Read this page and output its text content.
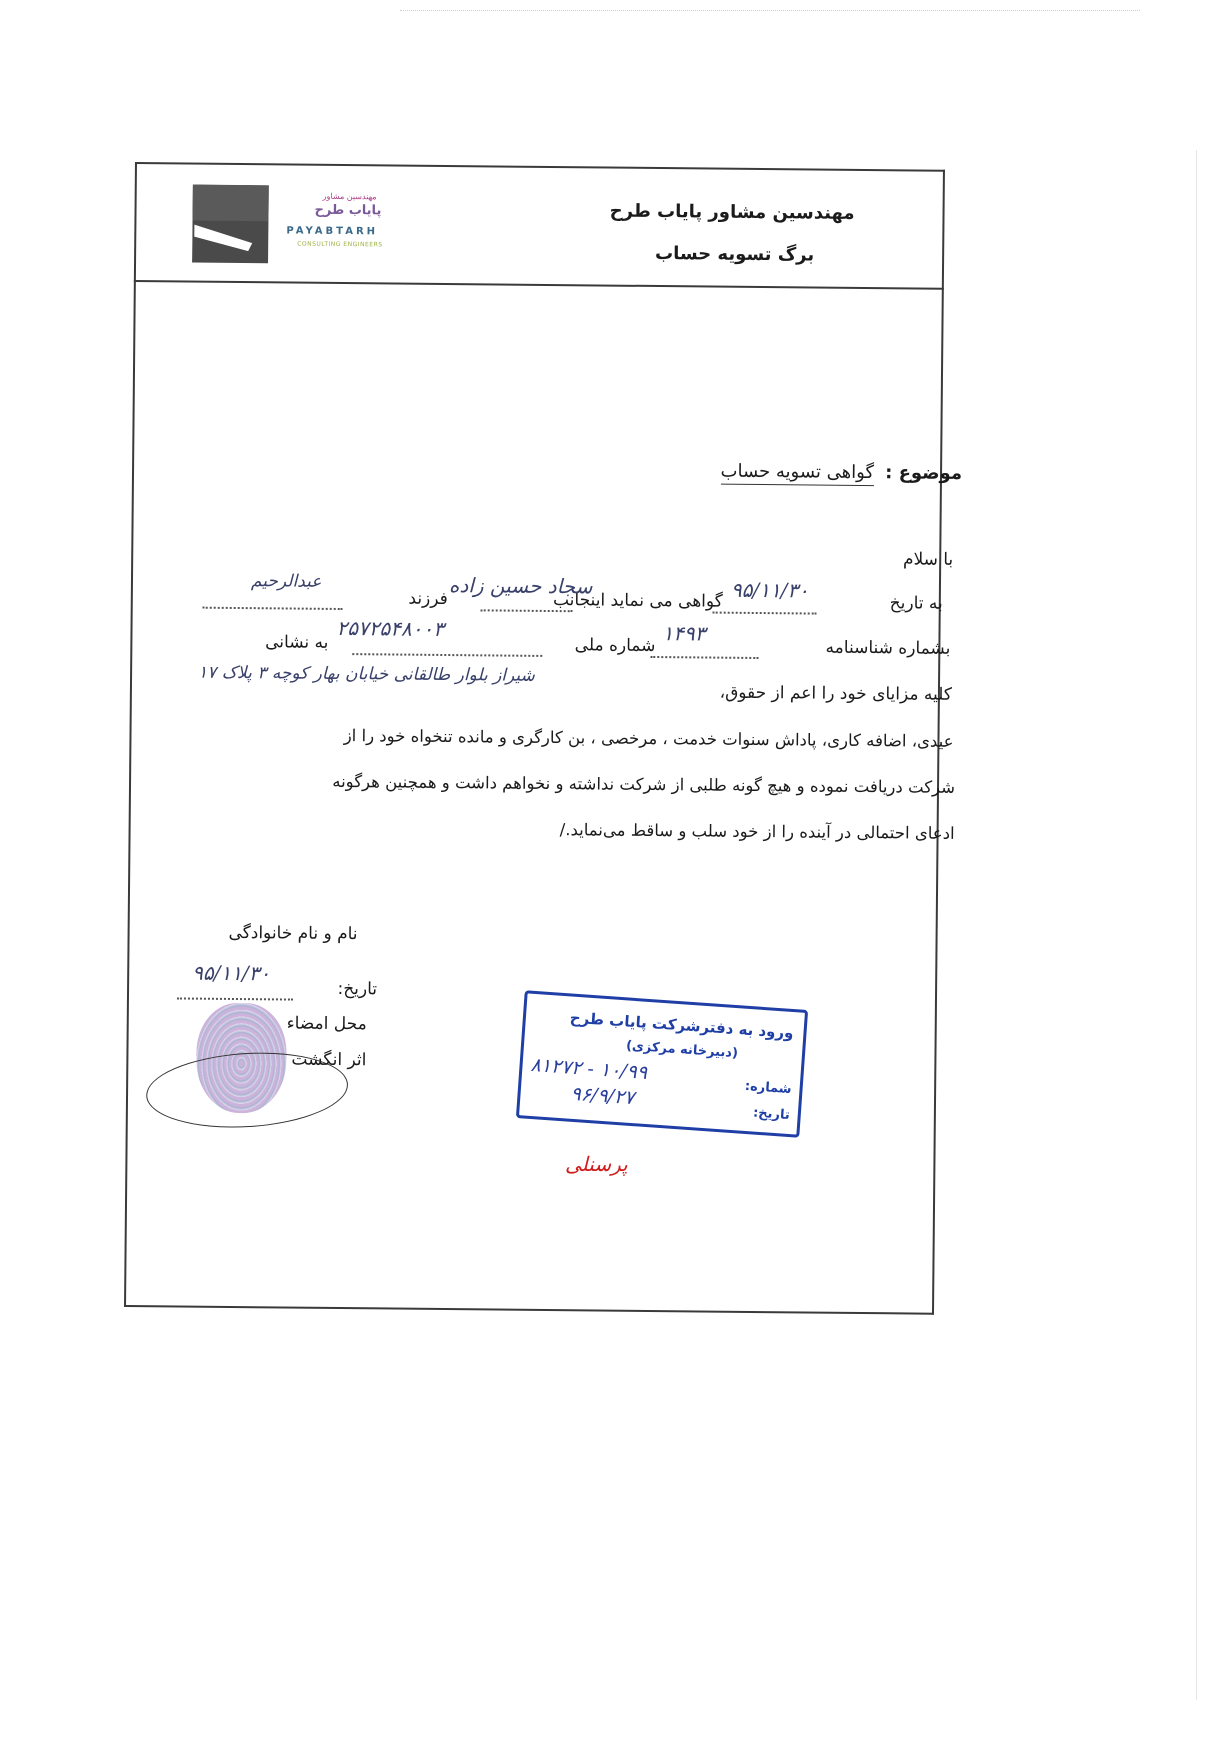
مهندسین مشاور پایاب طرح
برگ تسویه حساب
مهندسین مشاور
پایاب طرح
PAYABTARH
CONSULTING ENGINEERS
موضوع :
گواهی تسویه حساب
با سلام
به تاریخ
۹۵/۱۱/۳۰
گواهی می نماید اینجانب
سجاد حسین زاده
فرزند
عبدالرحیم
بشماره شناسنامه
۱۴۹۳
شماره ملی
۲۵۷۲۵۴۸۰۰۳
به نشانی
کلیه مزایای خود را اعم از حقوق،
شیراز بلوار طالقانی خیابان بهار کوچه ۳ پلاک ۱۷
عیدی، اضافه کاری، پاداش سنوات خدمت ، مرخصی ، بن کارگری و مانده تنخواه خود را از
شرکت دریافت نموده و هیچ گونه طلبی از شرکت نداشته و نخواهم داشت و همچنین هرگونه
ادعای احتمالی در آینده را از خود سلب و ساقط می‌نماید./
نام و نام خانوادگی
تاریخ:
۹۵/۱۱/۳۰
محل امضاء
اثر انگشت
ورود به دفترشرکت پایاب طرح
(دبیرخانه مرکزی)
شماره:
۸۱۲۷۲ - ۱۰/۹۹
تاریخ:
۹۶/۹/۲۷
پرسنلی
